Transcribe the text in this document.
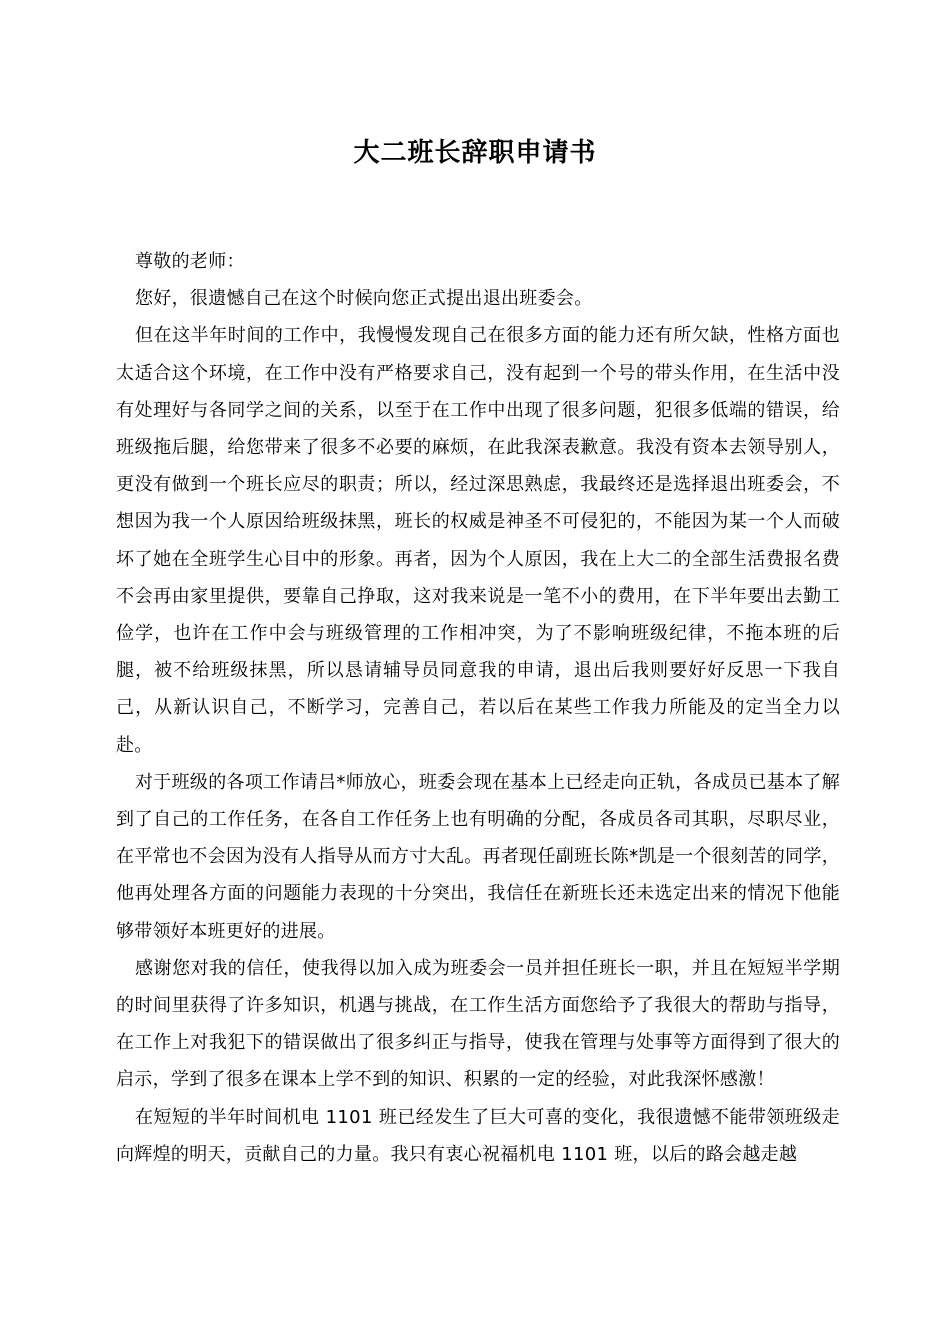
大二班长辞职申请书

尊敬的老师：

您好，很遗憾自己在这个时候向您正式提出退出班委会。

但在这半年时间的工作中，我慢慢发现自己在很多方面的能力还有所欠缺，性格方面也太适合这个环境，在工作中没有严格要求自己，没有起到一个号的带头作用，在生活中没有处理好与各同学之间的关系，以至于在工作中出现了很多问题，犯很多低端的错误，给班级拖后腿，给您带来了很多不必要的麻烦，在此我深表歉意。我没有资本去领导别人，更没有做到一个班长应尽的职责；所以，经过深思熟虑，我最终还是选择退出班委会，不想因为我一个人原因给班级抹黑，班长的权威是神圣不可侵犯的，不能因为某一个人而破坏了她在全班学生心目中的形象。再者，因为个人原因，我在上大二的全部生活费报名费不会再由家里提供，要靠自己挣取，这对我来说是一笔不小的费用，在下半年要出去勤工俭学，也许在工作中会与班级管理的工作相冲突，为了不影响班级纪律，不拖本班的后腿，被不给班级抹黑，所以恳请辅导员同意我的申请，退出后我则要好好反思一下我自己，从新认识自己，不断学习，完善自己，若以后在某些工作我力所能及的定当全力以赴。

对于班级的各项工作请吕*师放心，班委会现在基本上已经走向正轨，各成员已基本了解到了自己的工作任务，在各自工作任务上也有明确的分配，各成员各司其职，尽职尽业，在平常也不会因为没有人指导从而方寸大乱。再者现任副班长陈*凯是一个很刻苦的同学，他再处理各方面的问题能力表现的十分突出，我信任在新班长还未选定出来的情况下他能够带领好本班更好的进展。

感谢您对我的信任，使我得以加入成为班委会一员并担任班长一职，并且在短短半学期的时间里获得了许多知识，机遇与挑战，在工作生活方面您给予了我很大的帮助与指导，在工作上对我犯下的错误做出了很多纠正与指导，使我在管理与处事等方面得到了很大的启示，学到了很多在课本上学不到的知识、积累的一定的经验，对此我深怀感激！

在短短的半年时间机电 1101 班已经发生了巨大可喜的变化，我很遗憾不能带领班级走向辉煌的明天，贡献自己的力量。我只有衷心祝福机电 1101 班，以后的路会越走越
